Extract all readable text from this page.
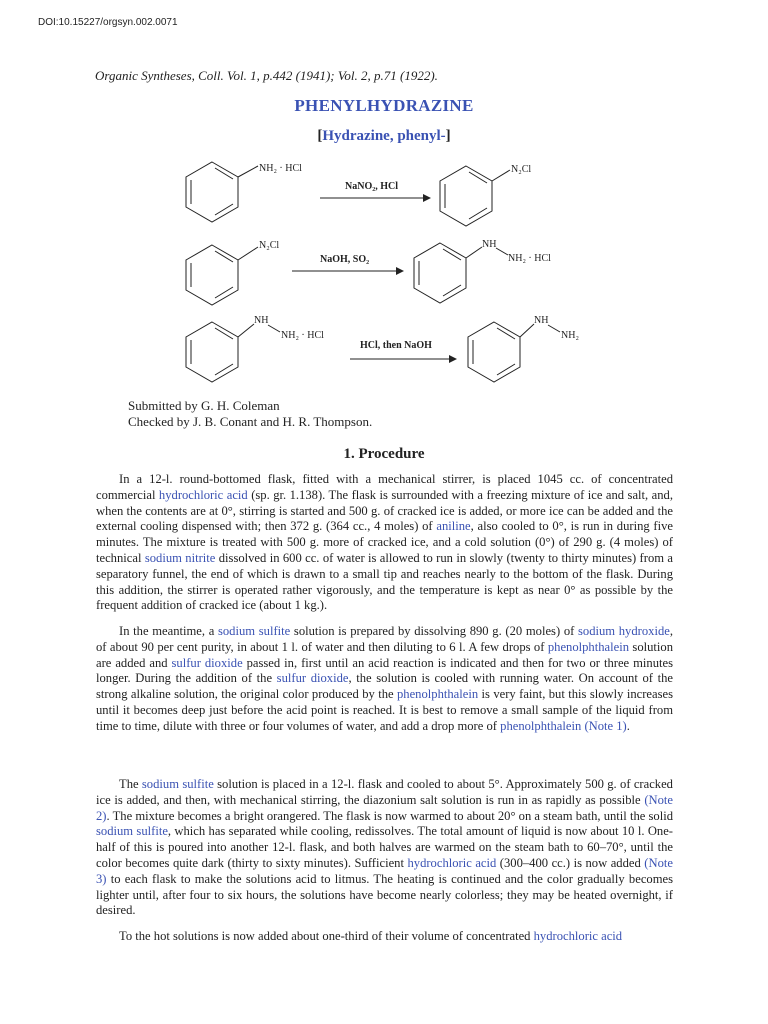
DOI:10.15227/orgsyn.002.0071
Organic Syntheses, Coll. Vol. 1, p.442 (1941); Vol. 2, p.71 (1922).
PHENYLHYDRAZINE
[Hydrazine, phenyl-]
NH₂ · HCl
NaNO₂, HCl
N₂Cl
N₂Cl
NaOH, SO₂
NH
NH₂ · HCl
NH
NH₂ · HCl
HCl, then NaOH
NH
NH₂
Submitted by G. H. Coleman
Checked by J. B. Conant and H. R. Thompson.
1. Procedure

In a 12-l. round-bottomed flask, fitted with a mechanical stirrer, is placed 1045 cc. of concentrated commercial hydrochloric acid (sp. gr. 1.138). The flask is surrounded with a freezing mixture of ice and salt, and, when the contents are at 0°, stirring is started and 500 g. of cracked ice is added, or more ice can be added and the external cooling dispensed with; then 372 g. (364 cc., 4 moles) of aniline, also cooled to 0°, is run in during five minutes. The mixture is treated with 500 g. more of cracked ice, and a cold solution (0°) of 290 g. (4 moles) of technical sodium nitrite dissolved in 600 cc. of water is allowed to run in slowly (twenty to thirty minutes) from a separatory funnel, the end of which is drawn to a small tip and reaches nearly to the bottom of the flask. During this addition, the stirrer is operated rather vigorously, and the temperature is kept as near 0° as possible by the frequent addition of cracked ice (about 1 kg.).

In the meantime, a sodium sulfite solution is prepared by dissolving 890 g. (20 moles) of sodium hydroxide, of about 90 per cent purity, in about 1 l. of water and then diluting to 6 l. A few drops of phenolphthalein solution are added and sulfur dioxide passed in, first until an acid reaction is indicated and then for two or three minutes longer. During the addition of the sulfur dioxide, the solution is cooled with running water. On account of the strong alkaline solution, the original color produced by the phenolphthalein is very faint, but this slowly increases until it becomes deep just before the acid point is reached. It is best to remove a small sample of the liquid from time to time, dilute with three or four volumes of water, and add a drop more of phenolphthalein (Note 1).

The sodium sulfite solution is placed in a 12-l. flask and cooled to about 5°. Approximately 500 g. of cracked ice is added, and then, with mechanical stirring, the diazonium salt solution is run in as rapidly as possible (Note 2). The mixture becomes a bright orangered. The flask is now warmed to about 20° on a steam bath, until the solid sodium sulfite, which has separated while cooling, redissolves. The total amount of liquid is now about 10 l. One-half of this is poured into another 12-l. flask, and both halves are warmed on the steam bath to 60–70°, until the color becomes quite dark (thirty to sixty minutes). Sufficient hydrochloric acid (300–400 cc.) is now added (Note 3) to each flask to make the solutions acid to litmus. The heating is continued and the color gradually becomes lighter until, after four to six hours, the solutions have become nearly colorless; they may be heated overnight, if desired.

To the hot solutions is now added about one-third of their volume of concentrated hydrochloric acid
